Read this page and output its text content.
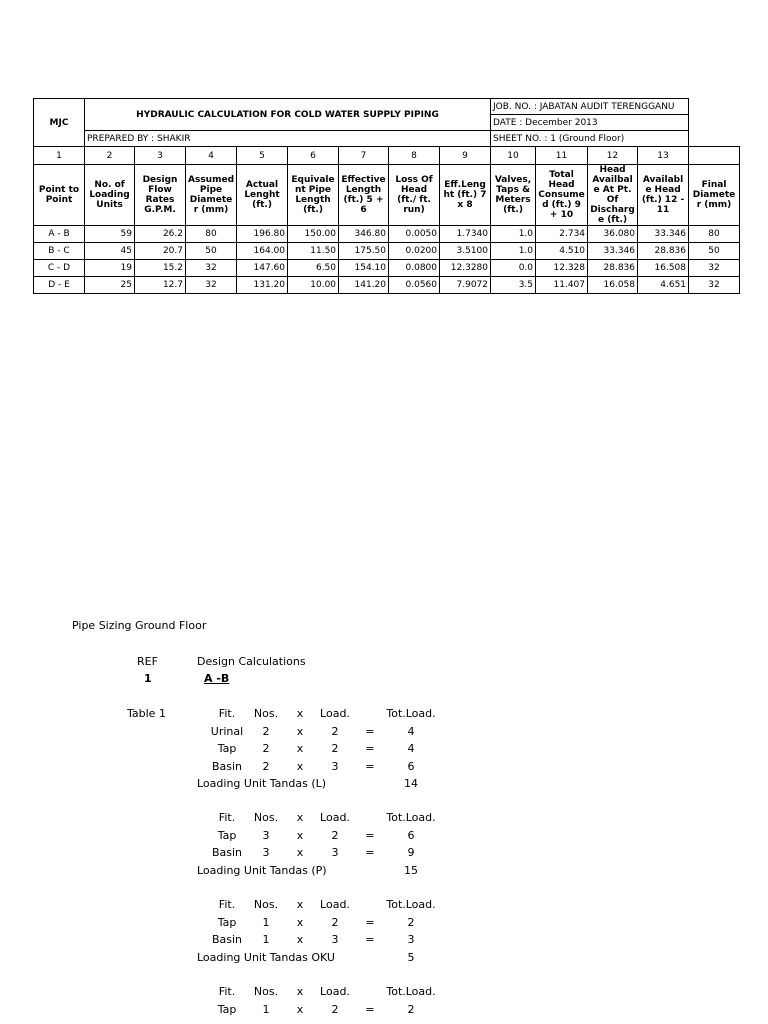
MJC	HYDRAULIC CALCULATION FOR COLD WATER SUPPLY PIPING								JOB. NO. : JABATAN AUDIT TERENGGANU				
									DATE : December 2013				
	PREPARED BY : SHAKIR								SHEET NO. : 1 (Ground Floor)				
1	2	3	4	5	6	7	8	9	10	11	12	13	
Point to Point	No. of Loading Units	Design Flow Rates G.P.M.	Assumed Pipe Diamete r (mm)	Actual Lenght (ft.)	Equivale nt Pipe Length (ft.)	Effective Length (ft.) 5 + 6	Loss Of Head (ft./ ft. run)	Eff.Leng ht (ft.) 7 x 8	Valves, Taps & Meters (ft.)	Total Head Consume d (ft.) 9 + 10	Head Availbal e At Pt. Of Discharg e (ft.)	Availabl e Head (ft.) 12 - 11	Final Diamete r (mm)
A - B	59	26.2	80	196.80	150.00	346.80	0.0050	1.7340	1.0	2.734	36.080	33.346	80
B - C	45	20.7	50	164.00	11.50	175.50	0.0200	3.5100	1.0	4.510	33.346	28.836	50
C - D	19	15.2	32	147.60	6.50	154.10	0.0800	12.3280	0.0	12.328	28.836	16.508	32
D - E	25	12.7	32	131.20	10.00	141.20	0.0560	7.9072	3.5	11.407	16.058	4.651	32
Pipe Sizing Ground Floor
REF	Design Calculations
1	A -B
Table 1	Fit.	Nos.	x	Load.	Tot.Load.
Urinal	2	x	2	=	4
Tap	2	x	2	=	4
Basin	2	x	3	=	6
Loading Unit Tandas (L)	14
Fit.	Nos.	x	Load.	Tot.Load.
Tap	3	x	2	=	6
Basin	3	x	3	=	9
Loading Unit Tandas (P)	15
Fit.	Nos.	x	Load.	Tot.Load.
Tap	1	x	2	=	2
Basin	1	x	3	=	3
Loading Unit Tandas OKU	5
Fit.	Nos.	x	Load.	Tot.Load.
Tap	1	x	2	=	2
